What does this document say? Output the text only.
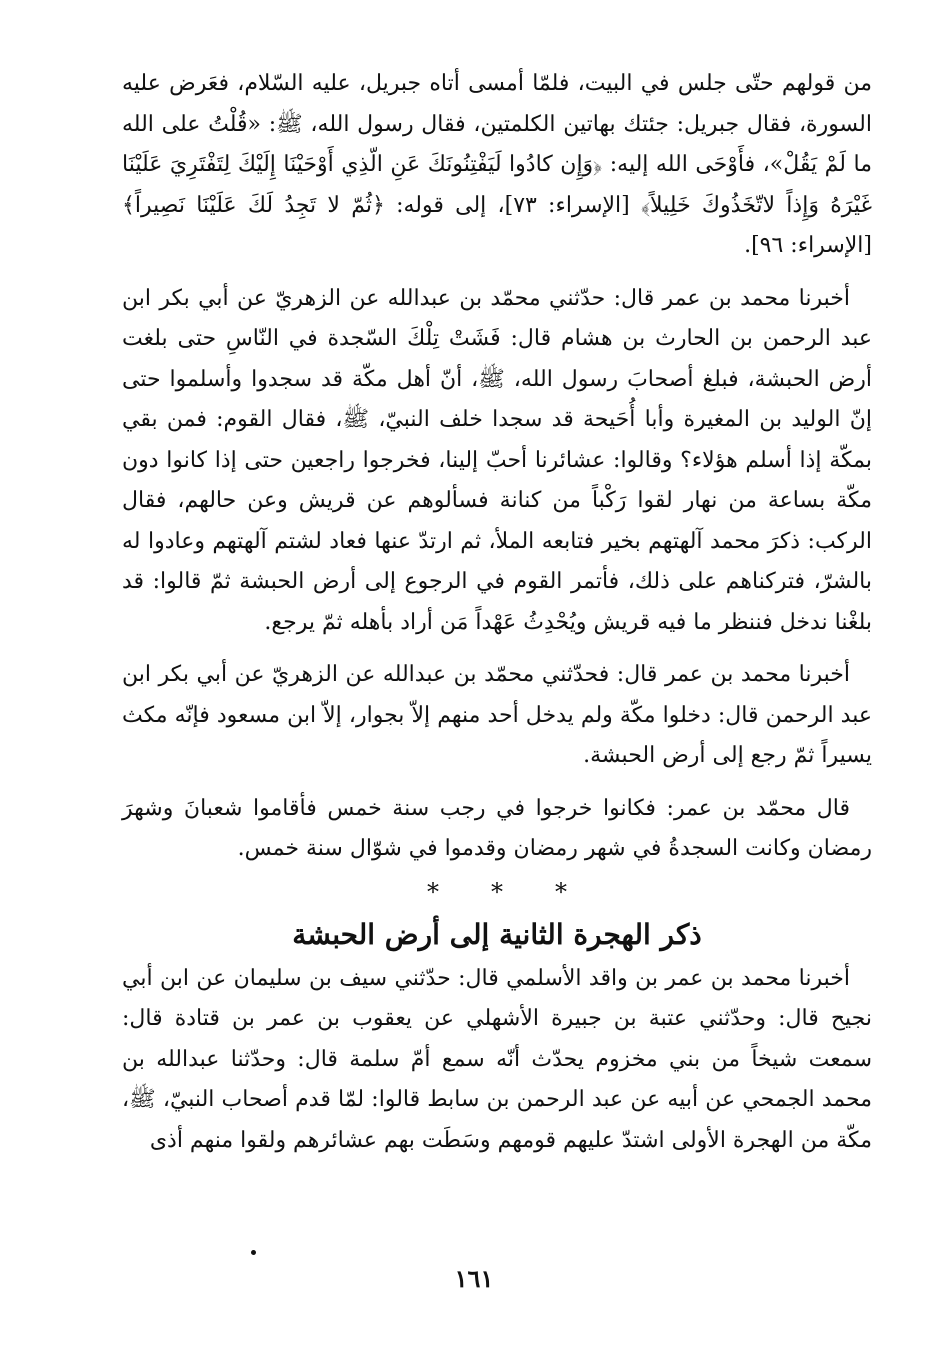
من قولهم حتّى جلس في البيت، فلمّا أمسى أتاه جبريل، عليه السّلام، فعَرض عليه السورة، فقال جبريل: جئتك بهاتين الكلمتين، فقال رسول الله، ﷺ: «قُلْتُ على الله ما لَمْ يَقُلْ»، فأَوْحَى الله إليه: ﴿وَإِن كادُوا لَيَفْتِنُونَكَ عَنِ الّذِي أَوْحَيْنَا إِلَيْكَ لِتَفْتَرِيَ عَلَيْنَا غَيْرَهُ وَإِذاً لاتّخَذُوكَ خَلِيلاً﴾ [الإسراء: ٧٣]، إلى قوله: ﴿ثُمّ لا تَجِدُ لَكَ عَلَيْنَا نَصِيراً﴾ [الإسراء: ٩٦].

أخبرنا محمد بن عمر قال: حدّثني محمّد بن عبدالله عن الزهريّ عن أبي بكر ابن عبد الرحمن بن الحارث بن هشام قال: فَشَتْ تِلْكَ السّجدة في النّاسِ حتى بلغت أرض الحبشة، فبلغ أصحابَ رسول الله، ﷺ، أنّ أهل مكّة قد سجدوا وأسلموا حتى إنّ الوليد بن المغيرة وأبا أُحَيحة قد سجدا خلف النبيّ، ﷺ، فقال القوم: فمن بقي بمكّة إذا أسلم هؤلاء؟ وقالوا: عشائرنا أحبّ إلينا، فخرجوا راجعين حتى إذا كانوا دون مكّة بساعة من نهار لقوا رَكْباً من كنانة فسألوهم عن قريش وعن حالهم، فقال الركب: ذكرَ محمد آلهتهم بخير فتابعه الملأ، ثم ارتدّ عنها فعاد لشتم آلهتهم وعادوا له بالشرّ، فتركناهم على ذلك، فأتمر القوم في الرجوع إلى أرض الحبشة ثمّ قالوا: قد بلغْنا ندخل فننظر ما فيه قريش ويُحْدِثُ عَهْداً مَن أراد بأهله ثمّ يرجع.

أخبرنا محمد بن عمر قال: فحدّثني محمّد بن عبدالله عن الزهريّ عن أبي بكر ابن عبد الرحمن قال: دخلوا مكّة ولم يدخل أحد منهم إلاّ بجوار، إلاّ ابن مسعود فإنّه مكث يسيراً ثمّ رجع إلى أرض الحبشة.

قال محمّد بن عمر: فكانوا خرجوا في رجب سنة خمس فأقاموا شعبانَ وشهرَ رمضان وكانت السجدةُ في شهر رمضان وقدموا في شوّال سنة خمس.

***
ذكر الهجرة الثانية إلى أرض الحبشة

أخبرنا محمد بن عمر بن واقد الأسلمي قال: حدّثني سيف بن سليمان عن ابن أبي نجيح قال: وحدّثني عتبة بن جبيرة الأشهلي عن يعقوب بن عمر بن قتادة قال: سمعت شيخاً من بني مخزوم يحدّث أنّه سمع أمّ سلمة قال: وحدّثنا عبدالله بن محمد الجمحي عن أبيه عن عبد الرحمن بن سابط قالوا: لمّا قدم أصحاب النبيّ، ﷺ، مكّة من الهجرة الأولى اشتدّ عليهم قومهم وسَطَت بهم عشائرهم ولقوا منهم أذى

١٦١
